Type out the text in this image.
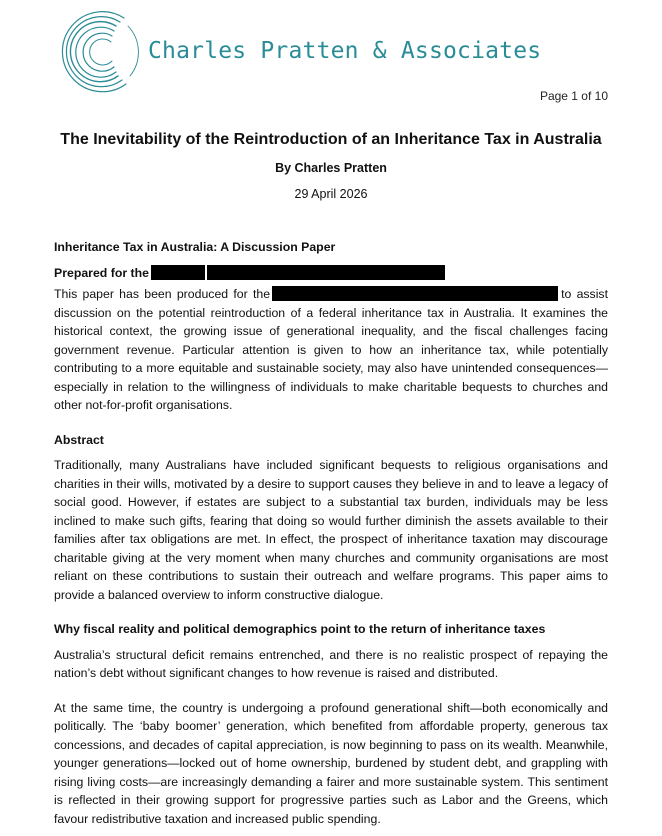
Charles Pratten & Associates
Page 1 of 10
The Inevitability of the Reintroduction of an Inheritance Tax in Australia
By Charles Pratten
29 April 2026

Inheritance Tax in Australia: A Discussion Paper

Prepared for the

This paper has been produced for the	to assist discussion on the potential reintroduction of a federal inheritance tax in Australia. It examines the historical context, the growing issue of generational inequality, and the fiscal challenges facing government revenue. Particular attention is given to how an inheritance tax, while potentially contributing to a more equitable and sustainable society, may also have unintended consequences—especially in relation to the willingness of individuals to make charitable bequests to churches and other not-for-profit organisations.

Abstract

Traditionally, many Australians have included significant bequests to religious organisations and charities in their wills, motivated by a desire to support causes they believe in and to leave a legacy of social good. However, if estates are subject to a substantial tax burden, individuals may be less inclined to make such gifts, fearing that doing so would further diminish the assets available to their families after tax obligations are met. In effect, the prospect of inheritance taxation may discourage charitable giving at the very moment when many churches and community organisations are most reliant on these contributions to sustain their outreach and welfare programs. This paper aims to provide a balanced overview to inform constructive dialogue.

Why fiscal reality and political demographics point to the return of inheritance taxes

Australia’s structural deficit remains entrenched, and there is no realistic prospect of repaying the nation’s debt without significant changes to how revenue is raised and distributed.

At the same time, the country is undergoing a profound generational shift—both economically and politically. The ‘baby boomer’ generation, which benefited from affordable property, generous tax concessions, and decades of capital appreciation, is now beginning to pass on its wealth. Meanwhile, younger generations—locked out of home ownership, burdened by student debt, and grappling with rising living costs—are increasingly demanding a fairer and more sustainable system. This sentiment is reflected in their growing support for progressive parties such as Labor and the Greens, which favour redistributive taxation and increased public spending.
